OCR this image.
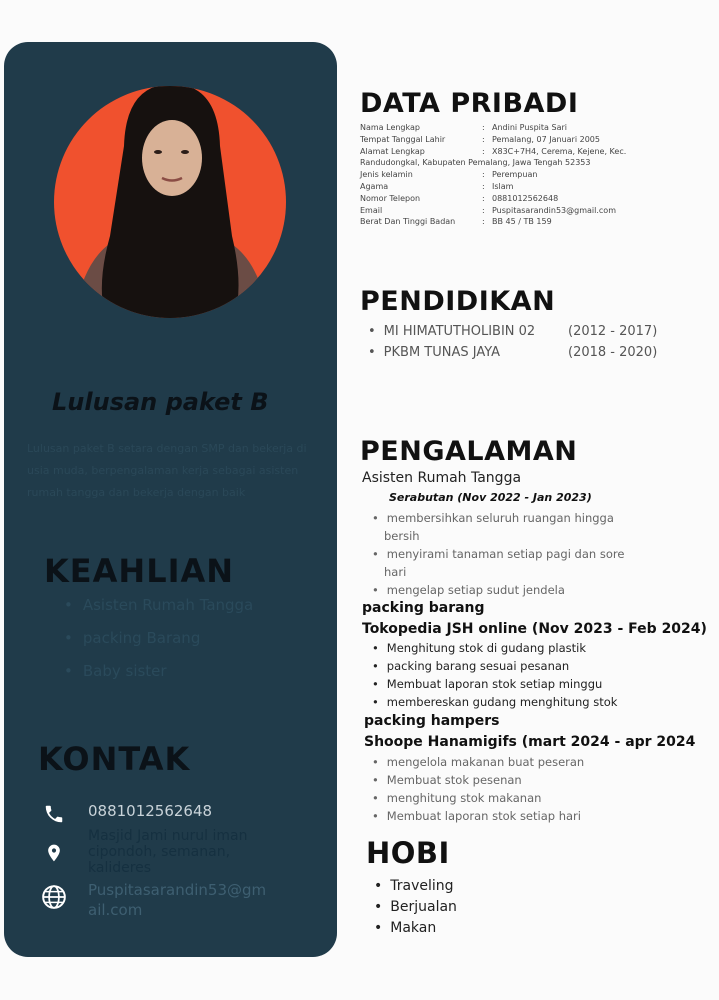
Lulusan paket B
Lulusan paket B setara dengan SMP dan bekerja di usia muda, berpengalaman kerja sebagai asisten rumah tangga dan bekerja dengan baik
KEAHLIAN
• Asisten Rumah Tangga
• packing Barang
• Baby sister
KONTAK
0881012562648
Masjid Jami nurul iman cipondoh, semanan, kalideres
Puspitasarandin53@gmail.com
DATA PRIBADI
Nama Lengkap	: Andini Puspita Sari
Tempat Tanggal Lahir	: Pemalang, 07 Januari 2005
Alamat Lengkap	: X83C+7H4, Cerema, Kejene, Kec.
Randudongkal, Kabupaten Pemalang, Jawa Tengah 52353
Jenis kelamin	: Perempuan
Agama	: Islam
Nomor Telepon	: 0881012562648
Email	: Puspitasarandin53@gmail.com
Berat Dan Tinggi Badan	: BB 45 / TB 159
PENDIDIKAN
• MI HIMATUTHOLIBIN 02	(2012 - 2017)
• PKBM TUNAS JAYA	(2018 - 2020)
PENGALAMAN
Asisten Rumah Tangga
Serabutan (Nov 2022 - Jan 2023)
• membersihkan seluruh ruangan hingga
bersih
• menyirami tanaman setiap pagi dan sore
hari
• mengelap setiap sudut jendela
packing barang
Tokopedia JSH online (Nov 2023 - Feb 2024)
• Menghitung stok di gudang plastik
• packing barang sesuai pesanan
• Membuat laporan stok setiap minggu
• membereskan gudang menghitung stok
packing hampers
Shoope Hanamigifs (mart 2024 - apr 2024
• mengelola makanan buat peseran
• Membuat stok pesenan
• menghitung stok makanan
• Membuat laporan stok setiap hari
HOBI
• Traveling
• Berjualan
• Makan
